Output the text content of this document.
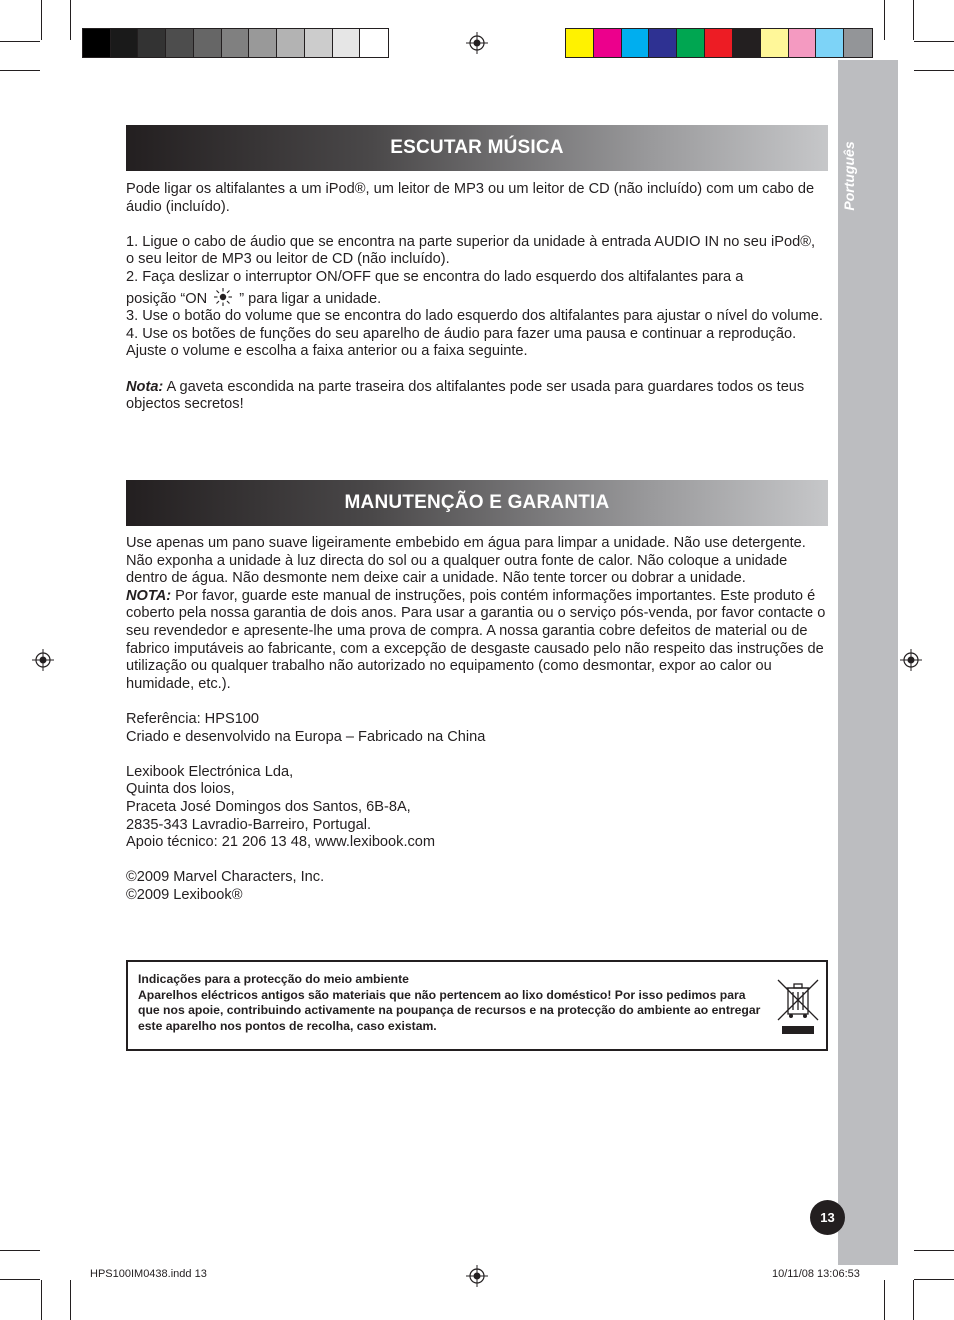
Português
ESCUTAR MÚSICA

Pode ligar os altifalantes a um iPod®, um leitor de MP3 ou um leitor de CD (não incluído) com um cabo de áudio (incluído).

1. Ligue o cabo de áudio que se encontra na parte superior da unidade à entrada AUDIO IN no seu iPod®, o seu leitor de MP3 ou leitor de CD (não incluído).

2. Faça deslizar o interruptor ON/OFF que se encontra do lado esquerdo dos altifalantes para a

posição “ON ” para ligar a unidade.

3. Use o botão do volume que se encontra do lado esquerdo dos altifalantes para ajustar o nível do volume.

4. Use os botões de funções do seu aparelho de áudio para fazer uma pausa e continuar a reprodução. Ajuste o volume e escolha a faixa anterior ou a faixa seguinte.

Nota: A gaveta escondida na parte traseira dos altifalantes pode ser usada para guardares todos os teus objectos secretos!

MANUTENÇÃO E GARANTIA

Use apenas um pano suave ligeiramente embebido em água para limpar a unidade. Não use detergente. Não exponha a unidade à luz directa do sol ou a qualquer outra fonte de calor. Não coloque a unidade dentro de água. Não desmonte nem deixe cair a unidade. Não tente torcer ou dobrar a unidade.

NOTA: Por favor, guarde este manual de instruções, pois contém informações importantes. Este produto é coberto pela nossa garantia de dois anos. Para usar a garantia ou o serviço pós-venda, por favor contacte o seu revendedor e apresente-lhe uma prova de compra. A nossa garantia cobre defeitos de material ou de fabrico imputáveis ao fabricante, com a excepção de desgaste causado pelo não respeito das instruções de utilização ou qualquer trabalho não autorizado no equipamento (como desmontar, expor ao calor ou humidade, etc.).

Referência: HPS100

Criado e desenvolvido na Europa – Fabricado na China

Lexibook Electrónica Lda,

Quinta dos loios,

Praceta José Domingos dos Santos, 6B-8A,

2835-343 Lavradio-Barreiro, Portugal.

Apoio técnico: 21 206 13 48, www.lexibook.com

©2009 Marvel Characters, Inc.

©2009 Lexibook®

Indicações para a protecção do meio ambiente

Aparelhos eléctricos antigos são materiais que não pertencem ao lixo doméstico! Por isso pedimos para que nos apoie, contribuindo activamente na poupança de recursos e na protecção do ambiente ao entregar este aparelho nos pontos de recolha, caso existam.

13
HPS100IM0438.indd 13	10/11/08 13:06:53
